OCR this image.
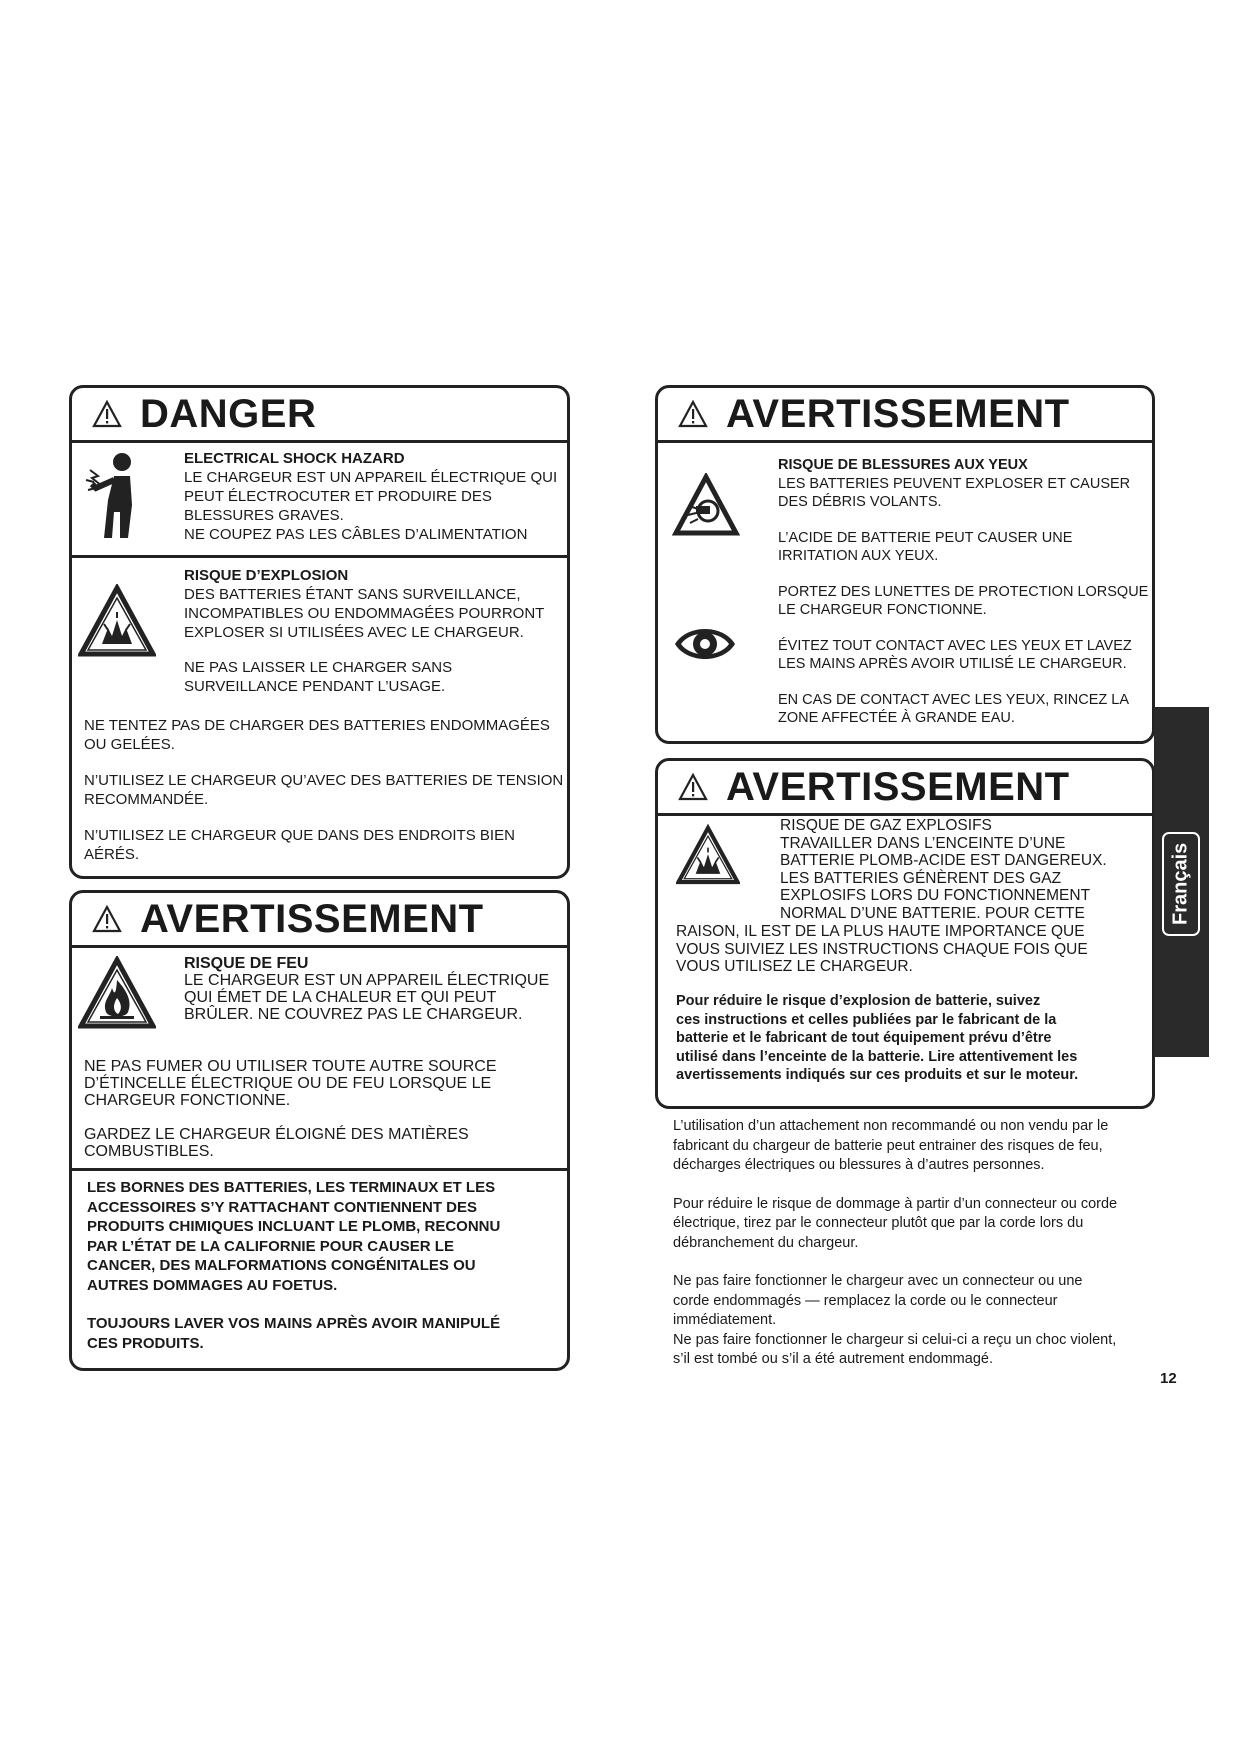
DANGER
ELECTRICAL SHOCK HAZARD
LE CHARGEUR EST UN APPAREIL ÉLECTRIQUE QUI
PEUT ÉLECTROCUTER ET PRODUIRE DES
BLESSURES GRAVES.
NE COUPEZ PAS LES CÂBLES D’ALIMENTATION
RISQUE D’EXPLOSION
DES BATTERIES ÉTANT SANS SURVEILLANCE,
INCOMPATIBLES OU ENDOMMAGÉES POURRONT
EXPLOSER SI UTILISÉES AVEC LE CHARGEUR.
NE PAS LAISSER LE CHARGER SANS
SURVEILLANCE PENDANT L’USAGE.
NE TENTEZ PAS DE CHARGER DES BATTERIES ENDOMMAGÉES
OU GELÉES.
N’UTILISEZ LE CHARGEUR QU’AVEC DES BATTERIES DE TENSION
RECOMMANDÉE.
N’UTILISEZ LE CHARGEUR QUE DANS DES ENDROITS BIEN
AÉRÉS.
AVERTISSEMENT
RISQUE DE FEU
LE CHARGEUR EST UN APPAREIL ÉLECTRIQUE
QUI ÉMET DE LA CHALEUR ET QUI PEUT
BRÛLER. NE COUVREZ PAS LE CHARGEUR.
NE PAS FUMER OU UTILISER TOUTE AUTRE SOURCE
D’ÉTINCELLE ÉLECTRIQUE OU DE FEU LORSQUE LE
CHARGEUR FONCTIONNE.
GARDEZ LE CHARGEUR ÉLOIGNÉ DES MATIÈRES
COMBUSTIBLES.
LES BORNES DES BATTERIES, LES TERMINAUX ET LES
ACCESSOIRES S’Y RATTACHANT CONTIENNENT DES
PRODUITS CHIMIQUES INCLUANT LE PLOMB, RECONNU
PAR L’ÉTAT DE LA CALIFORNIE POUR CAUSER LE
CANCER, DES MALFORMATIONS CONGÉNITALES OU
AUTRES DOMMAGES AU FOETUS.
TOUJOURS LAVER VOS MAINS APRÈS AVOIR MANIPULÉ
CES PRODUITS.
AVERTISSEMENT
RISQUE DE BLESSURES AUX YEUX
LES BATTERIES PEUVENT EXPLOSER ET CAUSER
DES DÉBRIS VOLANTS.
L’ACIDE DE BATTERIE PEUT CAUSER UNE
IRRITATION AUX YEUX.
PORTEZ DES LUNETTES DE PROTECTION LORSQUE
LE CHARGEUR FONCTIONNE.
ÉVITEZ TOUT CONTACT AVEC LES YEUX ET LAVEZ
LES MAINS APRÈS AVOIR UTILISÉ LE CHARGEUR.
EN CAS DE CONTACT AVEC LES YEUX, RINCEZ LA
ZONE AFFECTÉE À GRANDE EAU.
AVERTISSEMENT
RISQUE DE GAZ EXPLOSIFS
TRAVAILLER DANS L’ENCEINTE D’UNE
BATTERIE PLOMB-ACIDE EST DANGEREUX.
LES BATTERIES GÉNÈRENT DES GAZ
EXPLOSIFS LORS DU FONCTIONNEMENT
NORMAL D’UNE BATTERIE. POUR CETTE
RAISON, IL EST DE LA PLUS HAUTE IMPORTANCE QUE
VOUS SUIVIEZ LES INSTRUCTIONS CHAQUE FOIS QUE
VOUS UTILISEZ LE CHARGEUR.
Pour réduire le risque d’explosion de batterie, suivez
ces instructions et celles publiées par le fabricant de la
batterie et le fabricant de tout équipement prévu d’être
utilisé dans l’enceinte de la batterie. Lire attentivement les
avertissements indiqués sur ces produits et sur le moteur.
L’utilisation d’un attachement non recommandé ou non vendu par le
fabricant du chargeur de batterie peut entrainer des risques de feu,
décharges électriques ou blessures à d’autres personnes.
Pour réduire le risque de dommage à partir d’un connecteur ou corde
électrique, tirez par le connecteur plutôt que par la corde lors du
débranchement du chargeur.
Ne pas faire fonctionner le chargeur avec un connecteur ou une
corde endommagés — remplacez la corde ou le connecteur
immédiatement.
Ne pas faire fonctionner le chargeur si celui-ci a reçu un choc violent,
s’il est tombé ou s’il a été autrement endommagé.
Français
12
